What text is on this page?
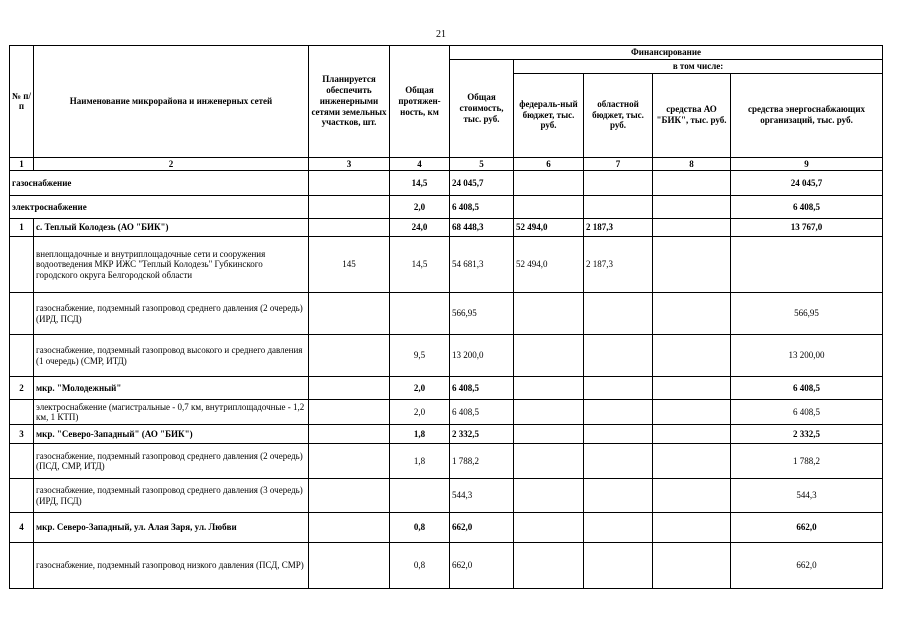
21
№ п/п	Наименование микрорайона и инженерных сетей	Планируется обеспечить инженерными сетями земельных участков, шт.	Общая протяжен-ность, км	Финансирование				
				Общая стоимость, тыс. руб.	в том числе:			
					федераль-ный бюджет, тыс. руб.	областной бюджет, тыс. руб.	средства АО "БИК", тыс. руб.	средства энергоснабжающих организаций, тыс. руб.
1	2	3	4	5	6	7	8	9
газоснабжение			14,5	24 045,7				24 045,7
электроснабжение			2,0	6 408,5				6 408,5
1	с. Теплый Колодезь (АО "БИК")		24,0	68 448,3	52 494,0	2 187,3		13 767,0
	внеплощадочные и внутриплощадочные сети и сооружения водоотведения МКР ИЖС "Теплый Колодезь" Губкинского городского округа Белгородской области	145	14,5	54 681,3	52 494,0	2 187,3		
	газоснабжение, подземный газопровод среднего давления (2 очередь) (ИРД, ПСД)			566,95				566,95
	газоснабжение, подземный газопровод высокого и среднего давления (1 очередь) (СМР, ИТД)		9,5	13 200,0				13 200,00
2	мкр. "Молодежный"		2,0	6 408,5				6 408,5
	электроснабжение (магистральные - 0,7 км, внутриплощадочные - 1,2 км, 1 КТП)		2,0	6 408,5				6 408,5
3	мкр. "Северо-Западный" (АО "БИК")		1,8	2 332,5				2 332,5
	газоснабжение, подземный газопровод среднего давления (2 очередь) (ПСД, СМР, ИТД)		1,8	1 788,2				1 788,2
	газоснабжение, подземный газопровод среднего давления (3 очередь) (ИРД, ПСД)			544,3				544,3
4	мкр. Северо-Западный, ул. Алая Заря, ул. Любви		0,8	662,0				662,0
	газоснабжение, подземный газопровод низкого давления (ПСД, СМР)		0,8	662,0				662,0
